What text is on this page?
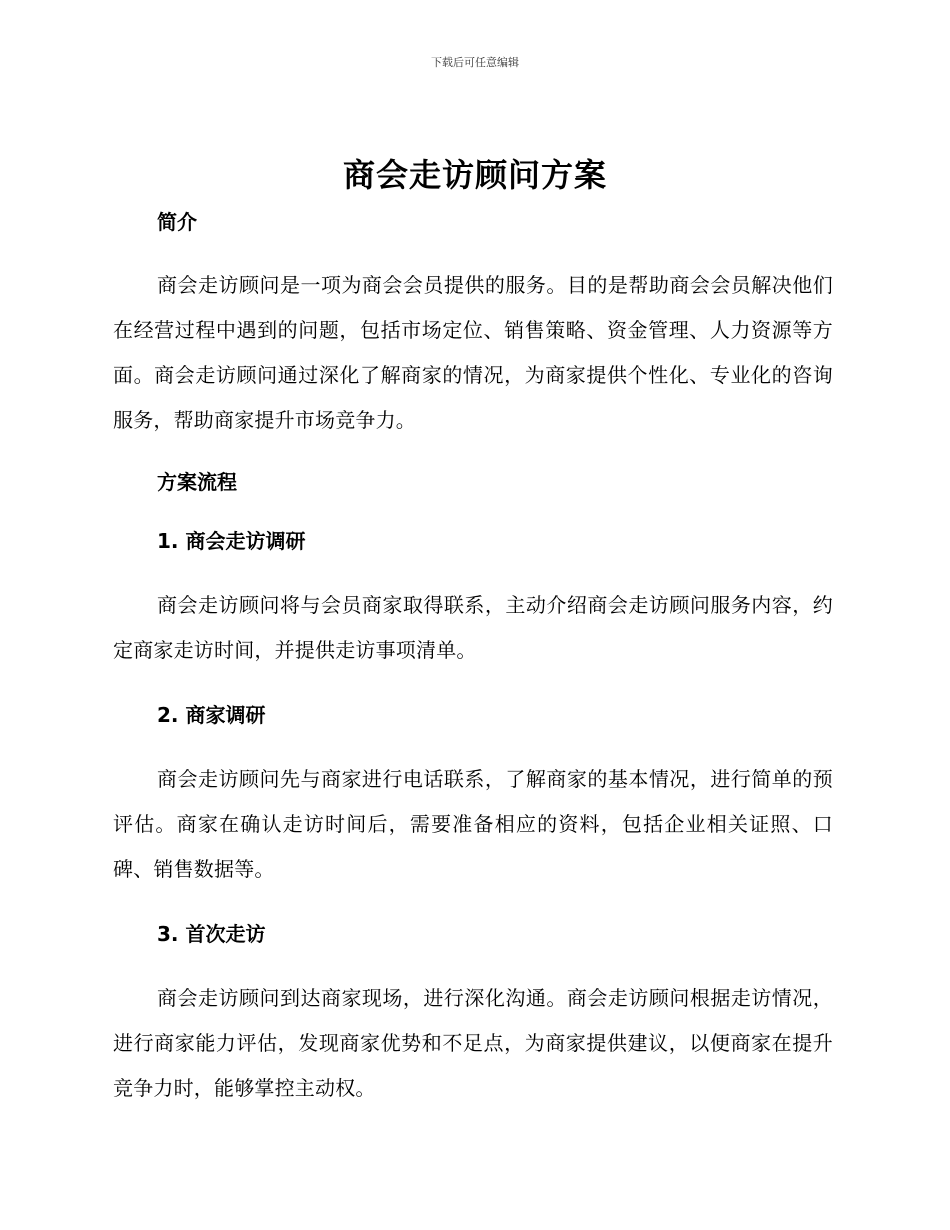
下载后可任意编辑
商会走访顾问方案

简介

商会走访顾问是一项为商会会员提供的服务。目的是帮助商会会员解决他们在经营过程中遇到的问题，包括市场定位、销售策略、资金管理、人力资源等方面。商会走访顾问通过深化了解商家的情况，为商家提供个性化、专业化的咨询服务，帮助商家提升市场竞争力。

方案流程

1. 商会走访调研

商会走访顾问将与会员商家取得联系，主动介绍商会走访顾问服务内容，约定商家走访时间，并提供走访事项清单。

2. 商家调研

商会走访顾问先与商家进行电话联系，了解商家的基本情况，进行简单的预评估。商家在确认走访时间后，需要准备相应的资料，包括企业相关证照、口碑、销售数据等。

3. 首次走访

商会走访顾问到达商家现场，进行深化沟通。商会走访顾问根据走访情况，进行商家能力评估，发现商家优势和不足点，为商家提供建议，以便商家在提升竞争力时，能够掌控主动权。
